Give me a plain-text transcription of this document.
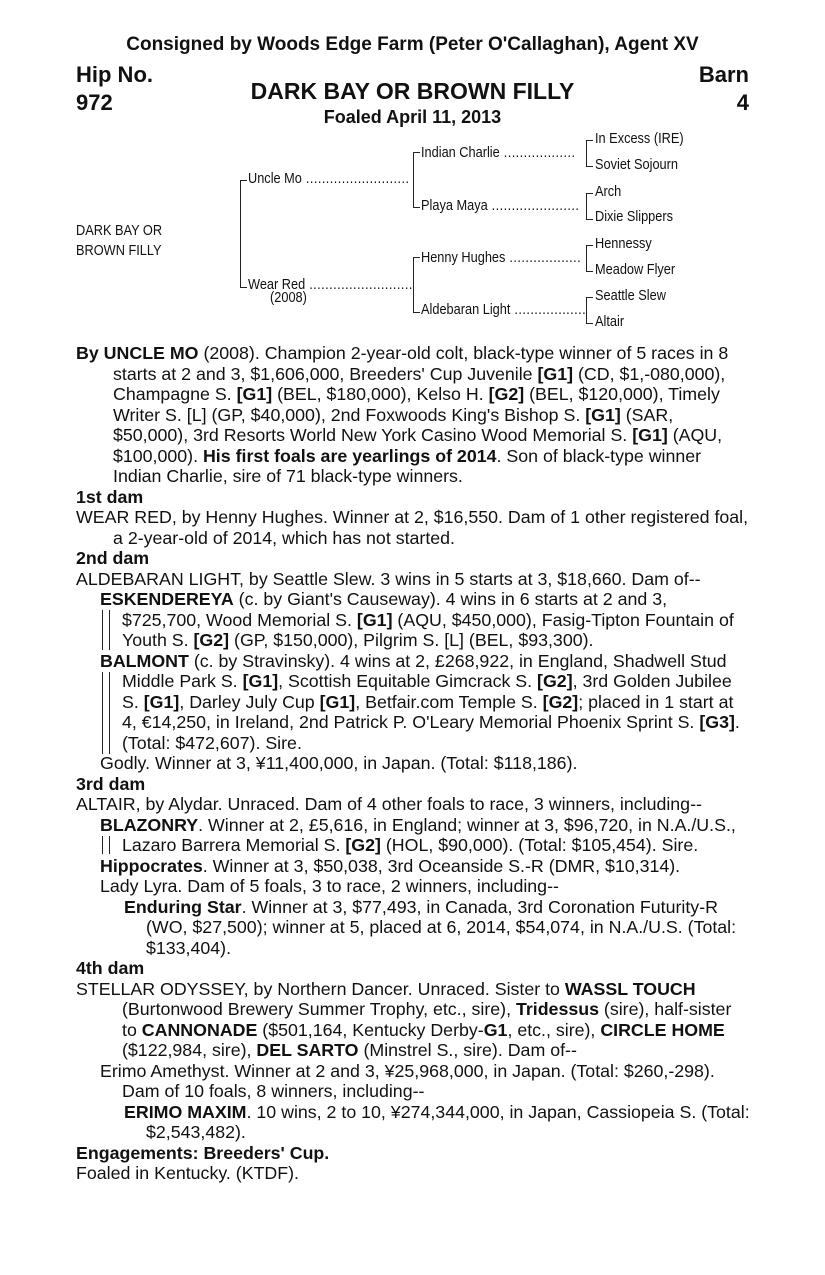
Consigned by Woods Edge Farm (Peter O'Callaghan), Agent XV
Hip No.
972
Barn
4
DARK BAY OR BROWN FILLY
Foaled April 11, 2013
DARK BAY OR
BROWN FILLY
Uncle Mo ..........................
Wear Red ..........................
(2008)
Indian Charlie ..................
Playa Maya ......................
Henny Hughes ..................
Aldebaran Light ..................
In Excess (IRE)
Soviet Sojourn
Arch
Dixie Slippers
Hennessy
Meadow Flyer
Seattle Slew
Altair

By UNCLE MO (2008). Champion 2-year-old colt, black-type winner of 5 races in 8 starts at 2 and 3, $1,606,000, Breeders' Cup Juvenile [G1] (CD, $1,-080,000), Champagne S. [G1] (BEL, $180,000), Kelso H. [G2] (BEL, $120,000), Timely Writer S. [L] (GP, $40,000), 2nd Foxwoods King's Bishop S. [G1] (SAR, $50,000), 3rd Resorts World New York Casino Wood Memorial S. [G1] (AQU, $100,000). His first foals are yearlings of 2014. Son of black-type winner Indian Charlie, sire of 71 black-type winners.

1st dam

WEAR RED, by Henny Hughes. Winner at 2, $16,550. Dam of 1 other registered foal, a 2-year-old of 2014, which has not started.

2nd dam

ALDEBARAN LIGHT, by Seattle Slew. 3 wins in 5 starts at 3, $18,660. Dam of--

ESKENDEREYA (c. by Giant's Causeway). 4 wins in 6 starts at 2 and 3, $725,700, Wood Memorial S. [G1] (AQU, $450,000), Fasig-Tipton Fountain of Youth S. [G2] (GP, $150,000), Pilgrim S. [L] (BEL, $93,300).
BALMONT (c. by Stravinsky). 4 wins at 2, £268,922, in England, Shadwell Stud Middle Park S. [G1], Scottish Equitable Gimcrack S. [G2], 3rd Golden Jubilee S. [G1], Darley July Cup [G1], Betfair.com Temple S. [G2]; placed in 1 start at 4, €14,250, in Ireland, 2nd Patrick P. O'Leary Memorial Phoenix Sprint S. [G3]. (Total: $472,607). Sire.

Godly. Winner at 3, ¥11,400,000, in Japan. (Total: $118,186).

3rd dam

ALTAIR, by Alydar. Unraced. Dam of 4 other foals to race, 3 winners, including--

BLAZONRY. Winner at 2, £5,616, in England; winner at 3, $96,720, in N.A./U.S., Lazaro Barrera Memorial S. [G2] (HOL, $90,000). (Total: $105,454). Sire.

Hippocrates. Winner at 3, $50,038, 3rd Oceanside S.-R (DMR, $10,314).

Lady Lyra. Dam of 5 foals, 3 to race, 2 winners, including--

Enduring Star. Winner at 3, $77,493, in Canada, 3rd Coronation Futurity-R (WO, $27,500); winner at 5, placed at 6, 2014, $54,074, in N.A./U.S. (Total: $133,404).

4th dam

STELLAR ODYSSEY, by Northern Dancer. Unraced. Sister to WASSL TOUCH (Burtonwood Brewery Summer Trophy, etc., sire), Tridessus (sire), half-sister to CANNONADE ($501,164, Kentucky Derby-G1, etc., sire), CIRCLE HOME ($122,984, sire), DEL SARTO (Minstrel S., sire). Dam of--

Erimo Amethyst. Winner at 2 and 3, ¥25,968,000, in Japan. (Total: $260,-298). Dam of 10 foals, 8 winners, including--

ERIMO MAXIM. 10 wins, 2 to 10, ¥274,344,000, in Japan, Cassiopeia S. (Total: $2,543,482).

Engagements: Breeders' Cup.

Foaled in Kentucky. (KTDF).
